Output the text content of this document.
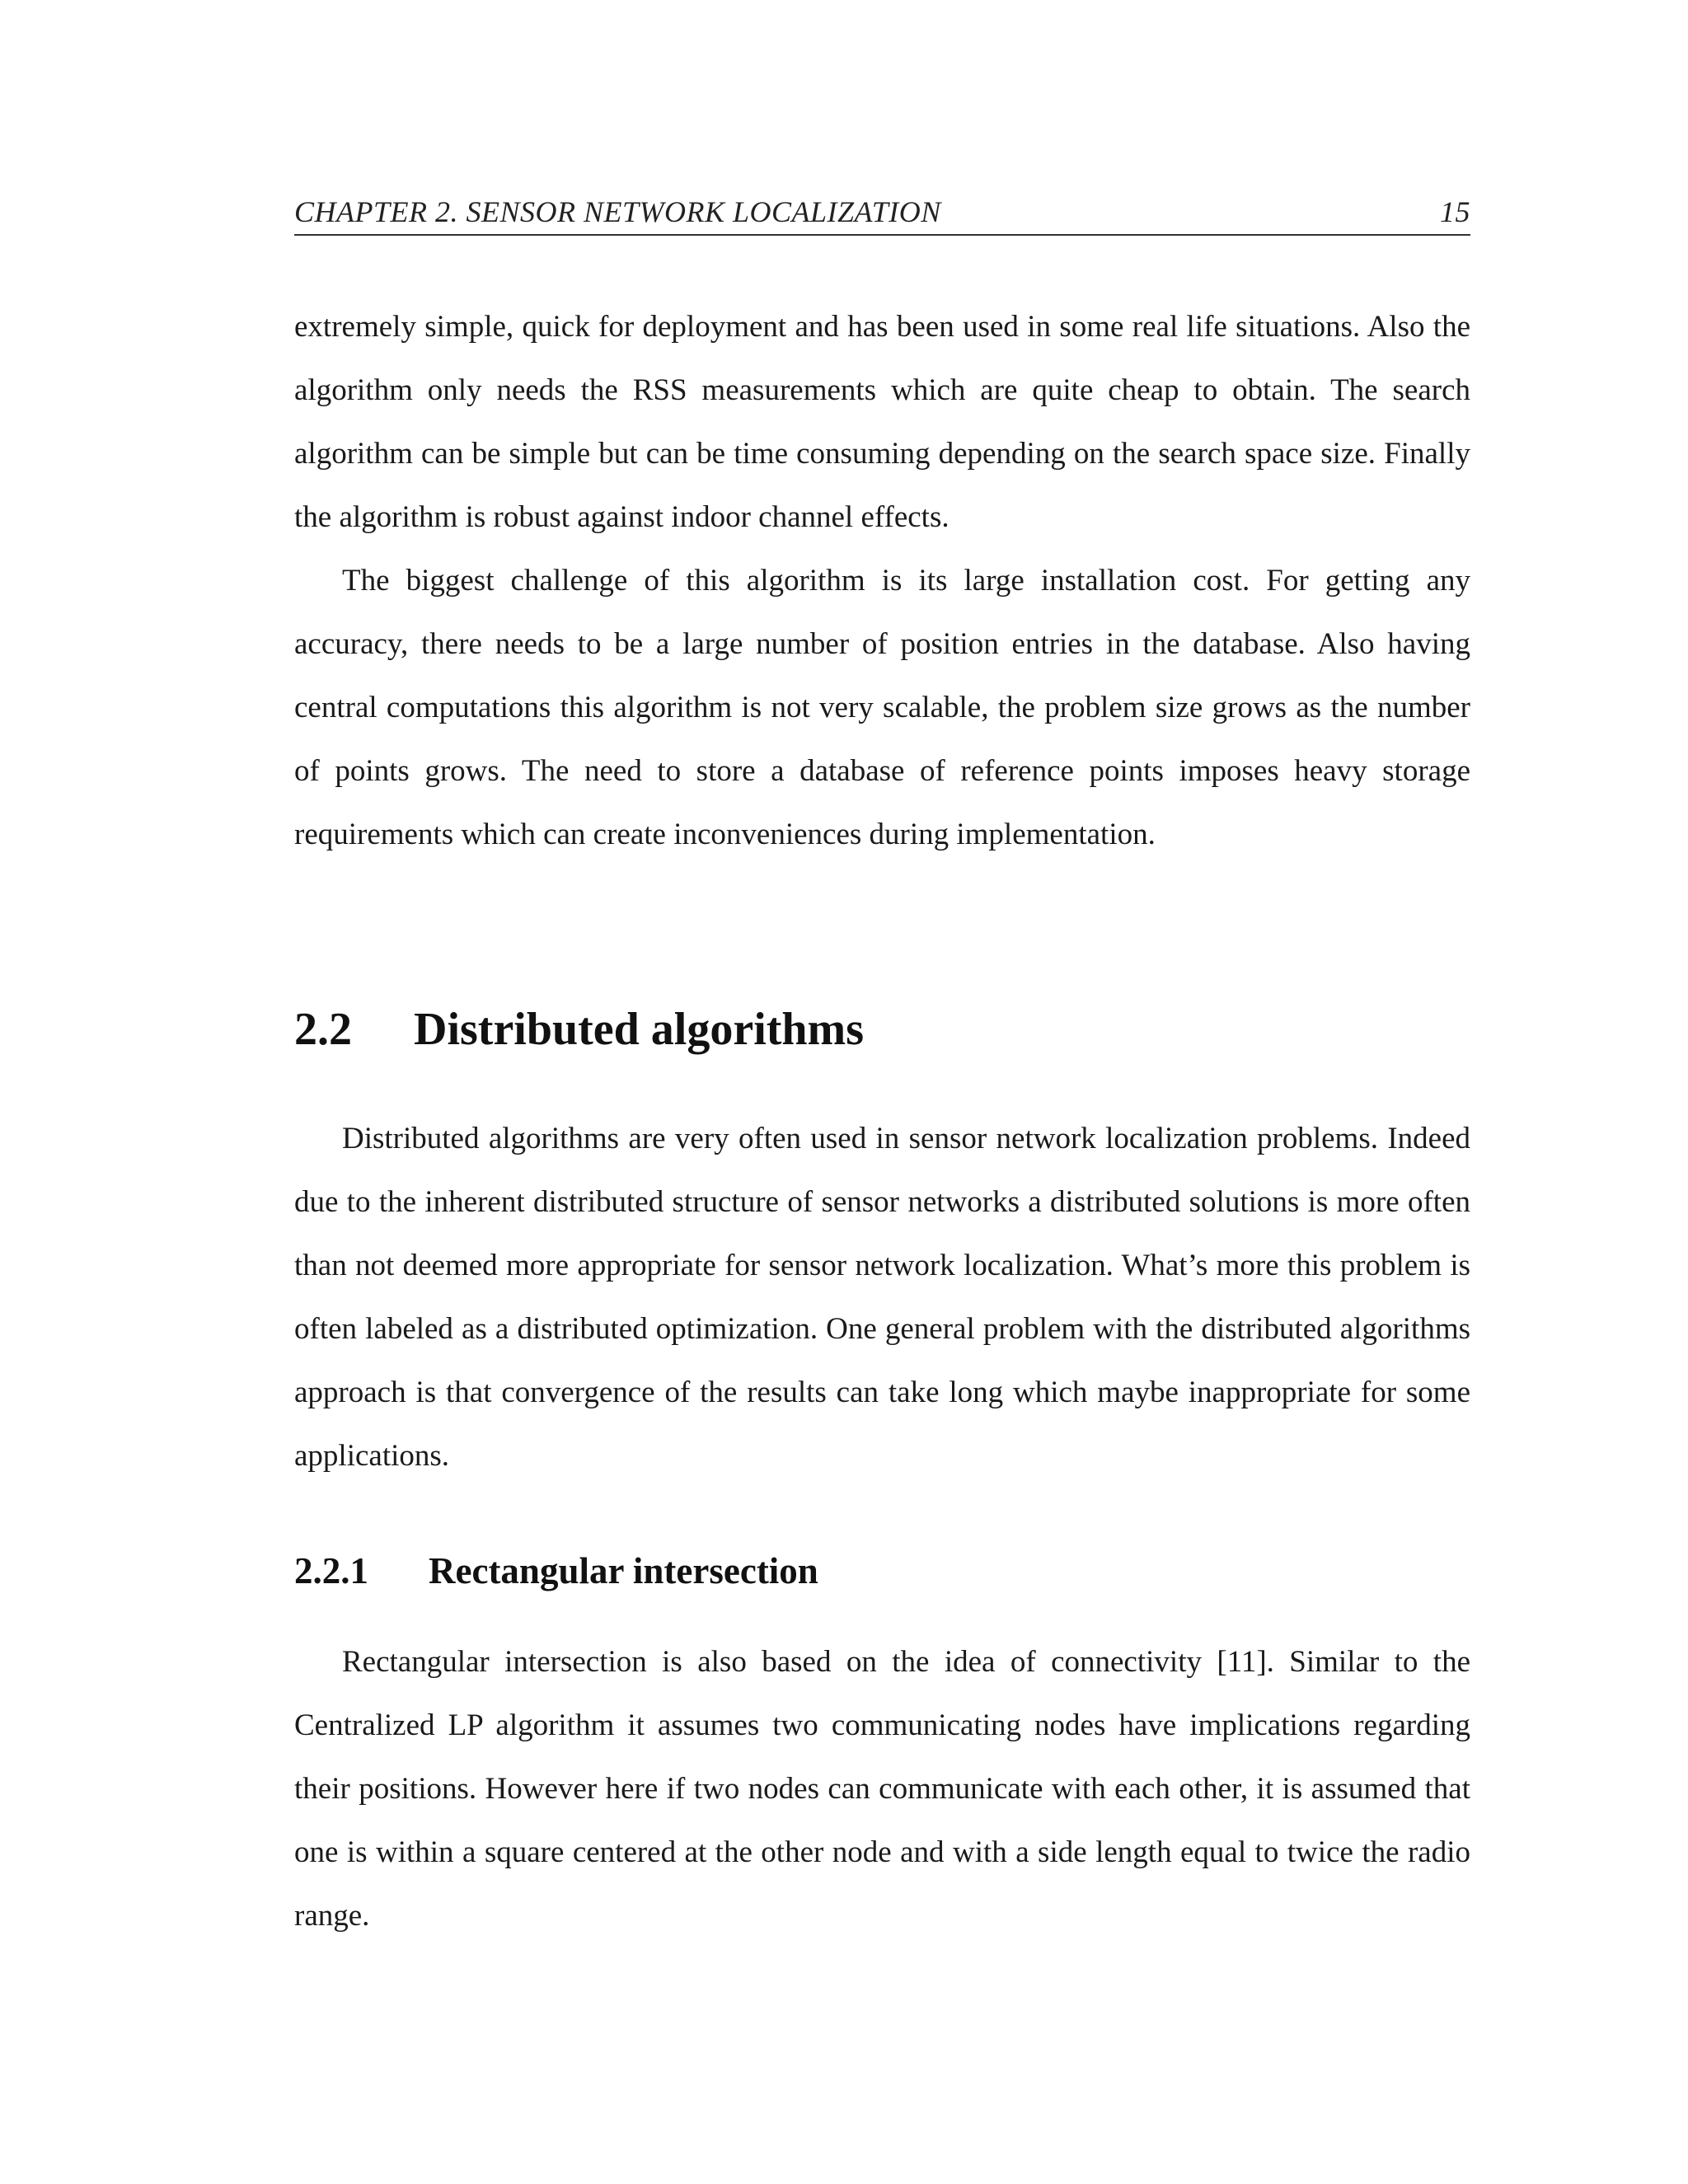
CHAPTER 2. SENSOR NETWORK LOCALIZATION	15

extremely simple, quick for deployment and has been used in some real life situations. Also the algorithm only needs the RSS measurements which are quite cheap to obtain. The search algorithm can be simple but can be time consuming depending on the search space size. Finally the algorithm is robust against indoor channel effects.

The biggest challenge of this algorithm is its large installation cost. For getting any accuracy, there needs to be a large number of position entries in the database. Also having central computations this algorithm is not very scalable, the problem size grows as the number of points grows. The need to store a database of reference points imposes heavy storage requirements which can create inconveniences during implementation.

2.2 Distributed algorithms

Distributed algorithms are very often used in sensor network localization problems. Indeed due to the inherent distributed structure of sensor networks a distributed solutions is more often than not deemed more appropriate for sensor network localization. What’s more this problem is often labeled as a distributed optimization. One general problem with the distributed algorithms approach is that convergence of the results can take long which maybe inappropriate for some applications.

2.2.1 Rectangular intersection

Rectangular intersection is also based on the idea of connectivity [11]. Similar to the Centralized LP algorithm it assumes two communicating nodes have implications regarding their positions. However here if two nodes can communicate with each other, it is assumed that one is within a square centered at the other node and with a side length equal to twice the radio range.
